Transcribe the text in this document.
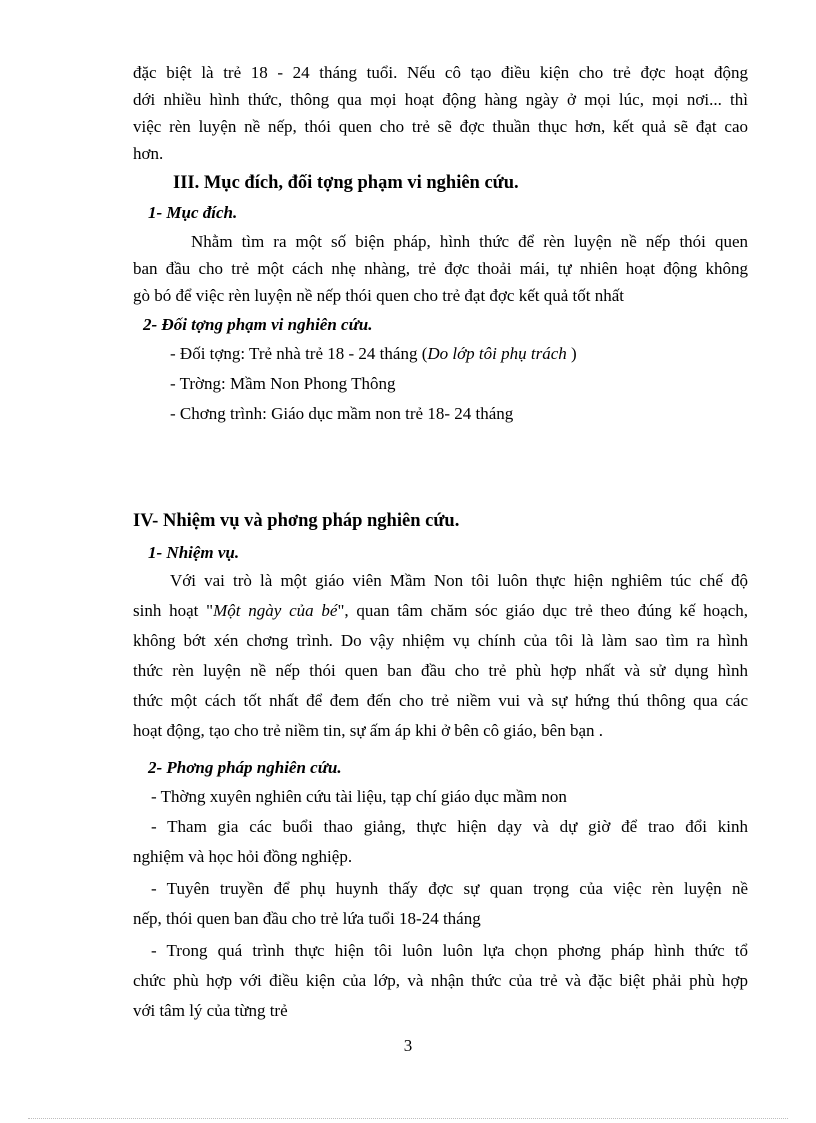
đặc biệt là trẻ 18 - 24 tháng tuổi. Nếu cô tạo điều kiện cho trẻ đợc hoạt động
dới nhiều hình thức, thông qua mọi hoạt động hàng ngày ở mọi lúc, mọi nơi... thì
việc rèn luyện nề nếp, thói quen cho trẻ sẽ đợc thuần thục hơn, kết quả sẽ đạt cao
hơn.
III. Mục đích, đối tợng phạm vi nghiên cứu.
1- Mục đích.
Nhằm tìm ra một số biện pháp, hình thức để rèn luyện nề nếp thói quen
ban đầu cho trẻ một cách nhẹ nhàng, trẻ đợc thoải mái, tự nhiên hoạt động không
gò bó để việc rèn luyện nề nếp thói quen cho trẻ đạt đợc kết quả tốt nhất
2- Đối tợng phạm vi nghiên cứu.
- Đối tợng: Trẻ nhà trẻ 18 - 24 tháng (Do lớp tôi phụ trách )
- Trờng: Mầm Non Phong Thông
- Chơng trình: Giáo dục mầm non trẻ 18- 24 tháng
IV- Nhiệm vụ và phơng pháp nghiên cứu.
1- Nhiệm vụ.
Với vai trò là một giáo viên Mầm Non tôi luôn thực hiện nghiêm túc chế độ
sinh hoạt "Một ngày của bé", quan tâm chăm sóc giáo dục trẻ theo đúng kế hoạch,
không bớt xén chơng trình. Do vậy nhiệm vụ chính của tôi là làm sao tìm ra hình
thức rèn luyện nề nếp thói quen ban đầu cho trẻ phù hợp nhất và sử dụng hình
thức một cách tốt nhất để đem đến cho trẻ niềm vui và sự hứng thú thông qua các
hoạt động, tạo cho trẻ niềm tin, sự ấm áp khi ở bên cô giáo, bên bạn .
2- Phơng pháp nghiên cứu.
- Thờng xuyên nghiên cứu tài liệu, tạp chí giáo dục mầm non
- Tham gia các buổi thao giảng, thực hiện dạy và dự giờ để trao đổi kinh
nghiệm và học hỏi đồng nghiệp.
- Tuyên truyền để phụ huynh thấy đợc sự quan trọng của việc rèn luyện nề
nếp, thói quen ban đầu cho trẻ lứa tuổi 18-24 tháng
- Trong quá trình thực hiện tôi luôn luôn lựa chọn phơng pháp hình thức tổ
chức phù hợp với điều kiện của lớp, và nhận thức của trẻ và đặc biệt phải phù hợp
với tâm lý của từng trẻ
3
